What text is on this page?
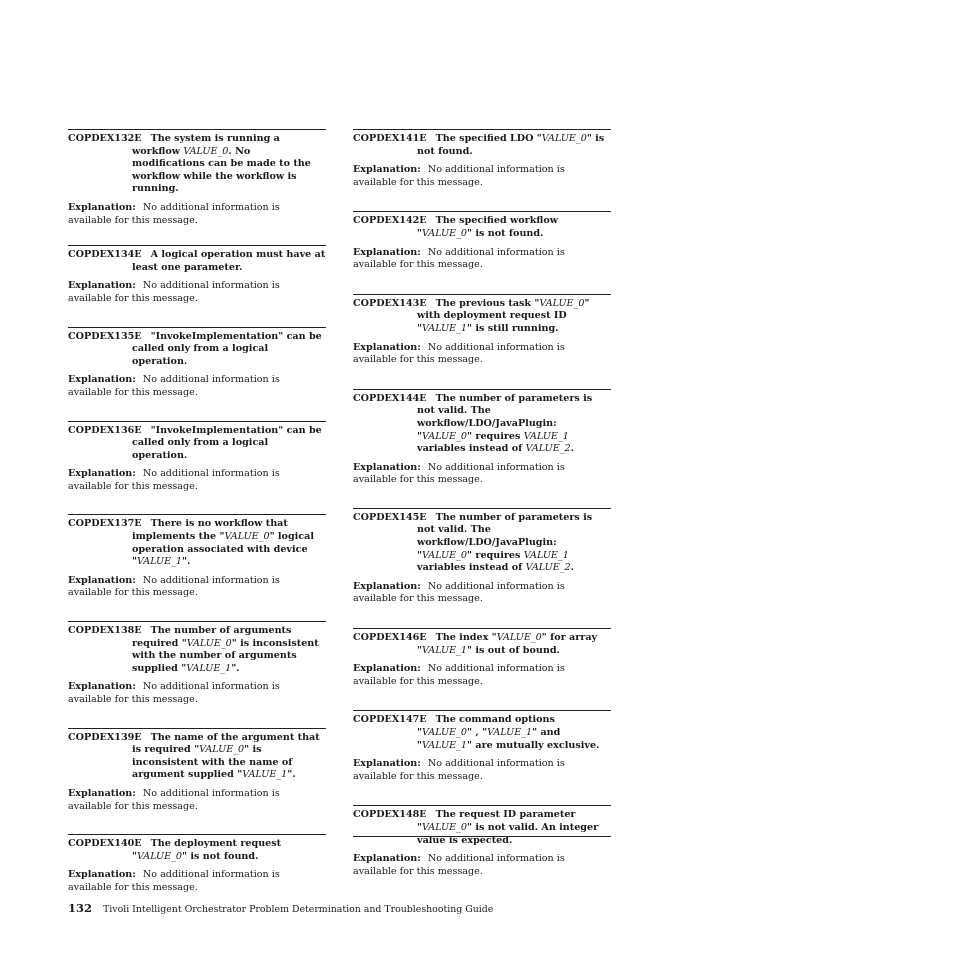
COPDEX132E The system is running a workflow VALUE_0. No modifications can be made to the workflow while the workflow is running.
Explanation: No additional information is available for this message.
COPDEX134E A logical operation must have at least one parameter.
Explanation: No additional information is available for this message.
COPDEX135E "InvokeImplementation" can be called only from a logical operation.
Explanation: No additional information is available for this message.
COPDEX136E "InvokeImplementation" can be called only from a logical operation.
Explanation: No additional information is available for this message.
COPDEX137E There is no workflow that implements the "VALUE_0" logical operation associated with device "VALUE_1".
Explanation: No additional information is available for this message.
COPDEX138E The number of arguments required "VALUE_0" is inconsistent with the number of arguments supplied "VALUE_1".
Explanation: No additional information is available for this message.
COPDEX139E The name of the argument that is required "VALUE_0" is inconsistent with the name of argument supplied "VALUE_1".
Explanation: No additional information is available for this message.
COPDEX140E The deployment request "VALUE_0" is not found.
Explanation: No additional information is available for this message.
COPDEX141E The specified LDO "VALUE_0" is not found.
Explanation: No additional information is available for this message.
COPDEX142E The specified workflow "VALUE_0" is not found.
Explanation: No additional information is available for this message.
COPDEX143E The previous task "VALUE_0" with deployment request ID "VALUE_1" is still running.
Explanation: No additional information is available for this message.
COPDEX144E The number of parameters is not valid. The workflow/LDO/JavaPlugin: "VALUE_0" requires VALUE_1 variables instead of VALUE_2.
Explanation: No additional information is available for this message.
COPDEX145E The number of parameters is not valid. The workflow/LDO/JavaPlugin: "VALUE_0" requires VALUE_1 variables instead of VALUE_2.
Explanation: No additional information is available for this message.
COPDEX146E The index "VALUE_0" for array "VALUE_1" is out of bound.
Explanation: No additional information is available for this message.
COPDEX147E The command options "VALUE_0" , "VALUE_1" and "VALUE_1" are mutually exclusive.
Explanation: No additional information is available for this message.
COPDEX148E The request ID parameter "VALUE_0" is not valid. An integer value is expected.
Explanation: No additional information is available for this message.
132 Tivoli Intelligent Orchestrator Problem Determination and Troubleshooting Guide
